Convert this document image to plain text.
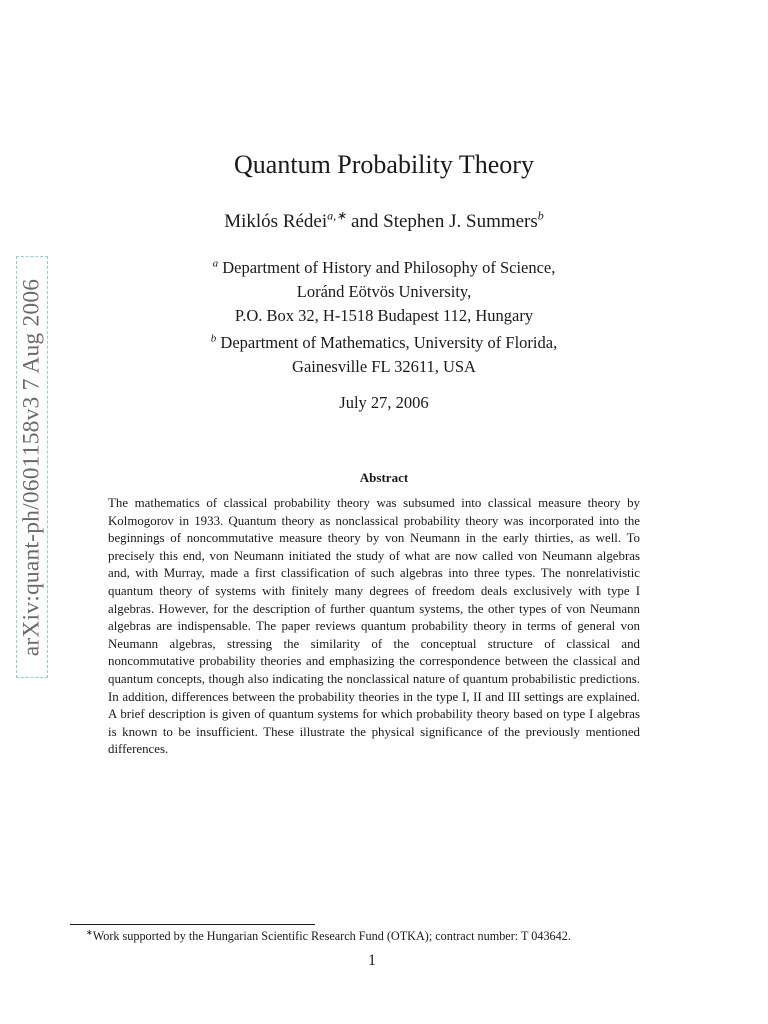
arXiv:quant-ph/0601158v3 7 Aug 2006
Quantum Probability Theory
Miklós Rédei$^{a,∗}$ and Stephen J. Summers$^b$
$^a$ Department of History and Philosophy of Science,
Loránd Eötvös University,
P.O. Box 32, H-1518 Budapest 112, Hungary
$^b$ Department of Mathematics, University of Florida,
Gainesville FL 32611, USA
July 27, 2006
Abstract
The mathematics of classical probability theory was subsumed into classical measure theory by Kolmogorov in 1933. Quantum theory as nonclassical probability theory was incorporated into the beginnings of noncommutative measure theory by von Neumann in the early thirties, as well. To precisely this end, von Neumann initiated the study of what are now called von Neumann algebras and, with Murray, made a first classification of such algebras into three types. The nonrelativistic quantum theory of systems with finitely many degrees of freedom deals exclusively with type I algebras. However, for the description of further quantum systems, the other types of von Neumann algebras are indispensable. The paper reviews quantum probability theory in terms of general von Neumann algebras, stressing the similarity of the conceptual structure of classical and noncommutative probability theories and emphasizing the correspondence between the classical and quantum concepts, though also indicating the nonclassical nature of quantum probabilistic predictions. In addition, differences between the probability theories in the type I, II and III settings are explained. A brief description is given of quantum systems for which probability theory based on type I algebras is known to be insufficient. These illustrate the physical significance of the previously mentioned differences.
∗Work supported by the Hungarian Scientific Research Fund (OTKA); contract number: T 043642.
1
